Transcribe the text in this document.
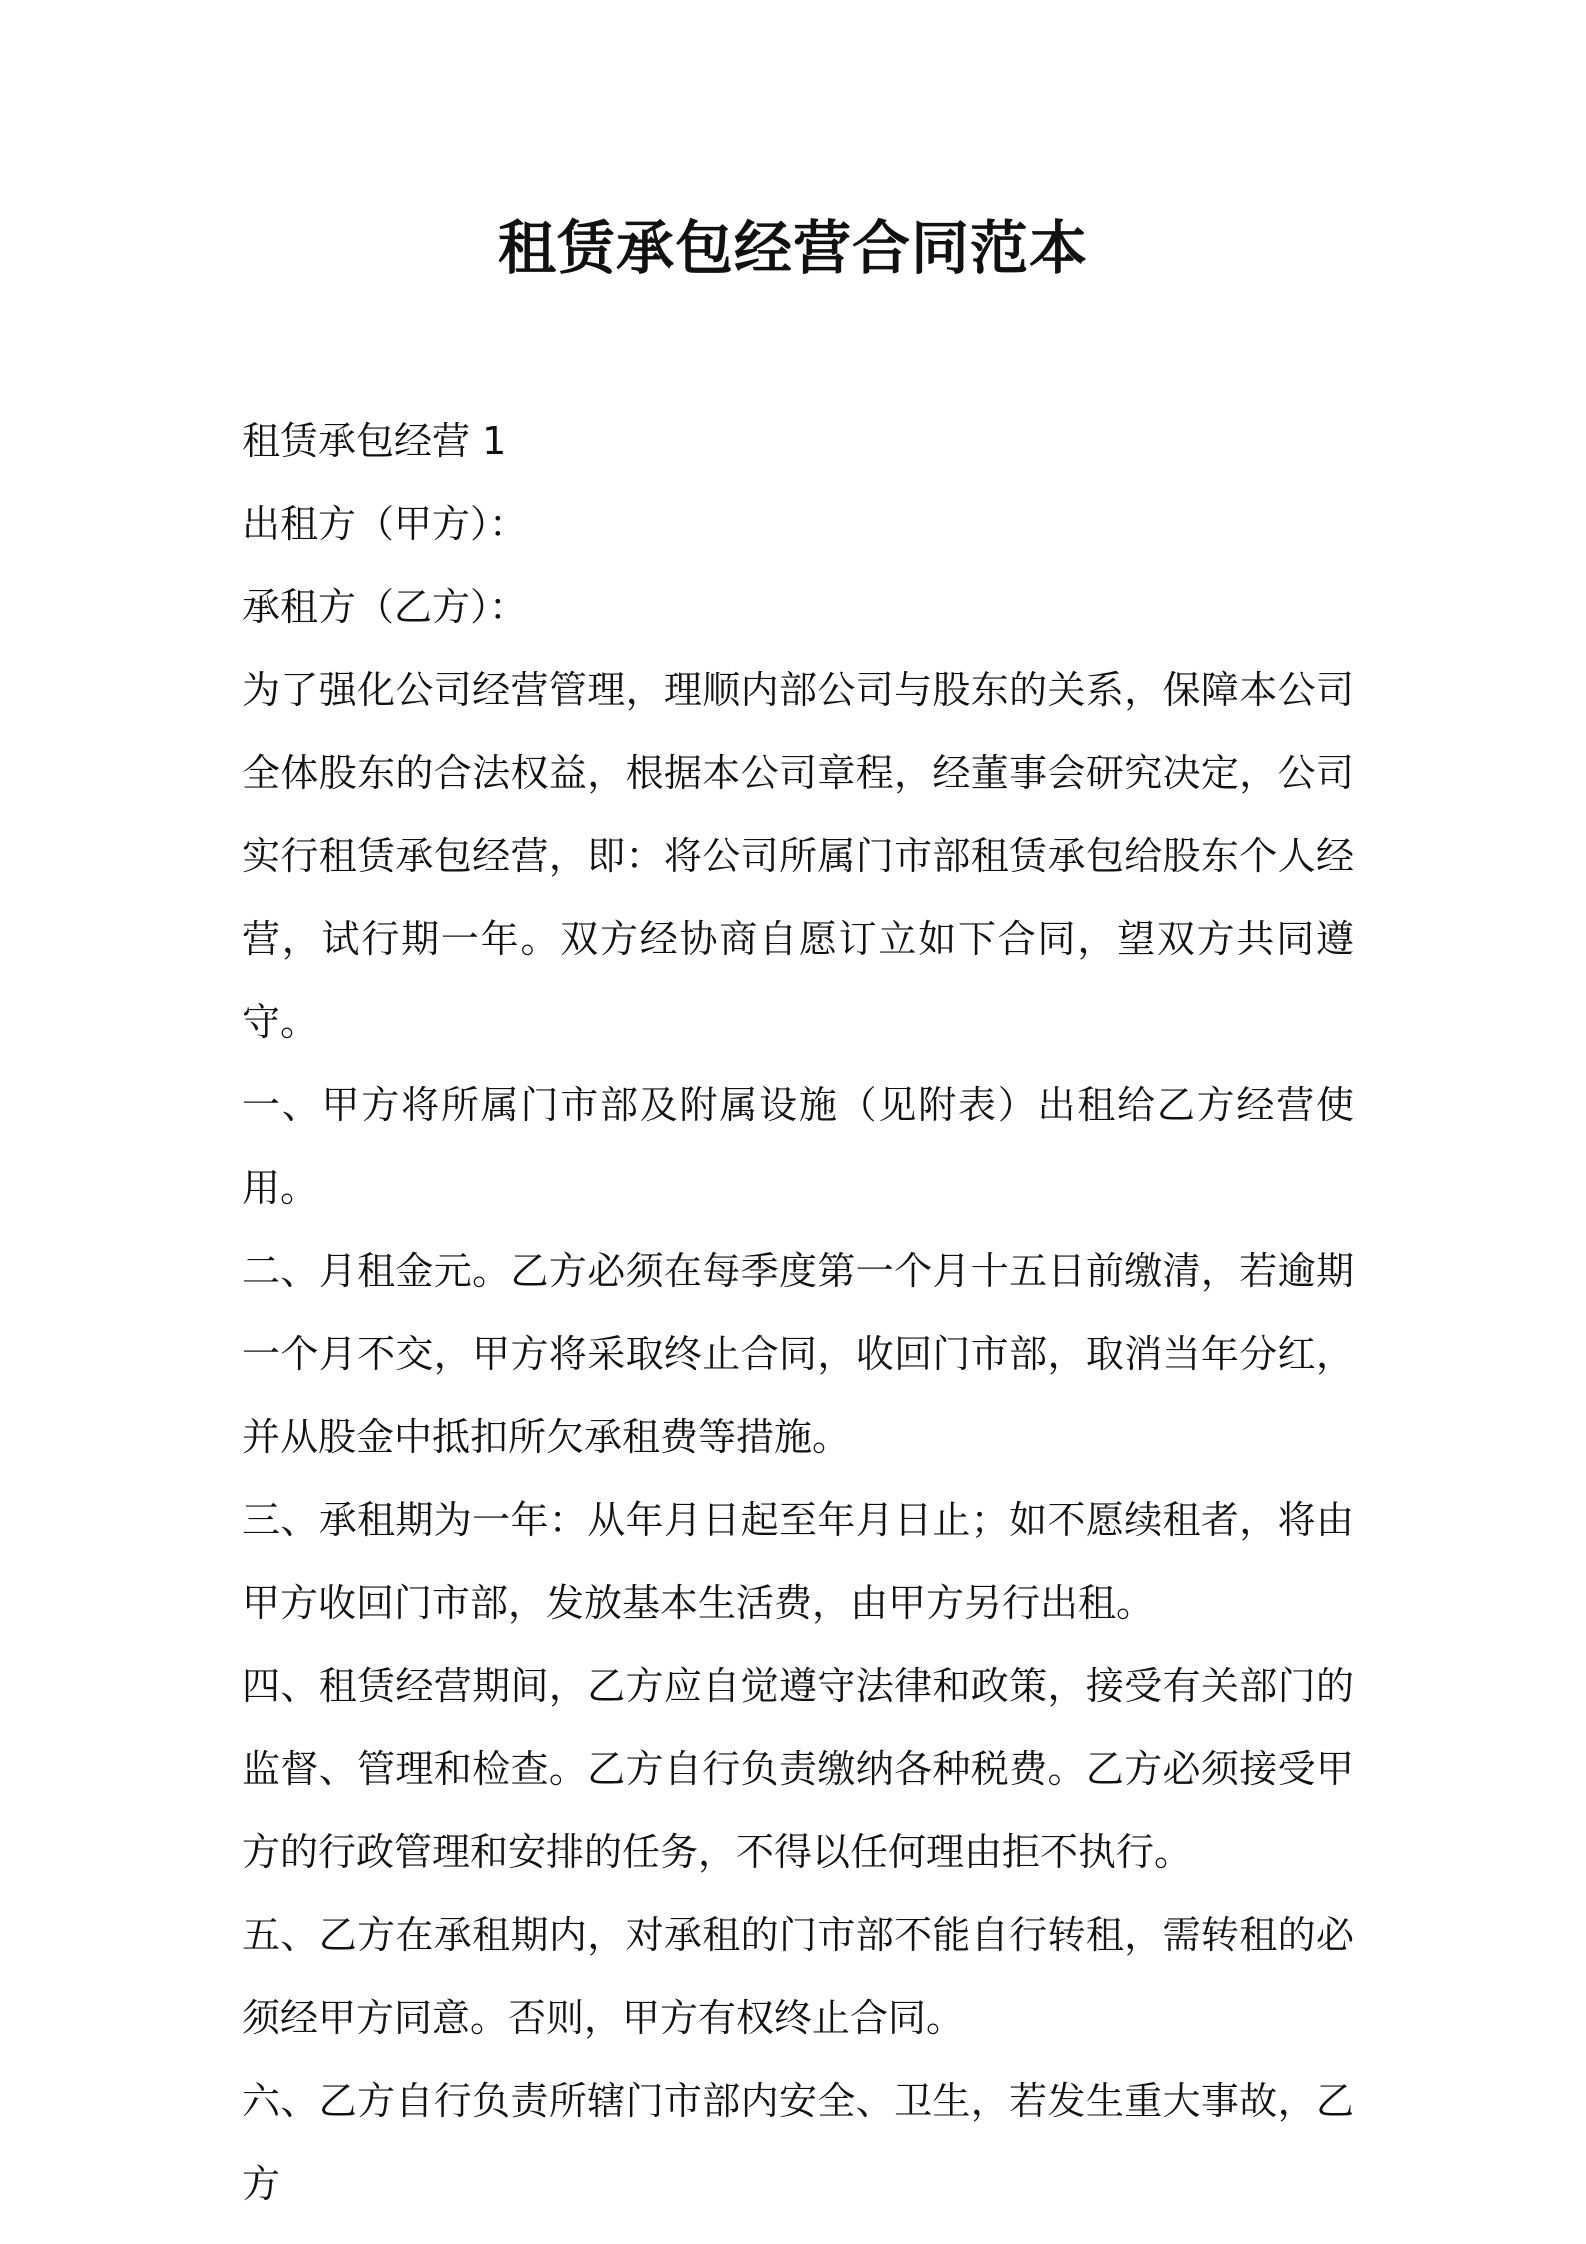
租赁承包经营合同范本

租赁承包经营 1

出租方（甲方）：

承租方（乙方）：

为了强化公司经营管理，理顺内部公司与股东的关系，保障本公司全体股东的合法权益，根据本公司章程，经董事会研究决定，公司实行租赁承包经营，即：将公司所属门市部租赁承包给股东个人经营，试行期一年。双方经协商自愿订立如下合同，望双方共同遵守。

一、甲方将所属门市部及附属设施（见附表）出租给乙方经营使用。

二、月租金元。乙方必须在每季度第一个月十五日前缴清，若逾期一个月不交，甲方将采取终止合同，收回门市部，取消当年分红，并从股金中抵扣所欠承租费等措施。

三、承租期为一年：从年月日起至年月日止；如不愿续租者，将由甲方收回门市部，发放基本生活费，由甲方另行出租。

四、租赁经营期间，乙方应自觉遵守法律和政策，接受有关部门的监督、管理和检查。乙方自行负责缴纳各种税费。乙方必须接受甲方的行政管理和安排的任务，不得以任何理由拒不执行。

五、乙方在承租期内，对承租的门市部不能自行转租，需转租的必须经甲方同意。否则，甲方有权终止合同。

六、乙方自行负责所辖门市部内安全、卫生，若发生重大事故，乙方
